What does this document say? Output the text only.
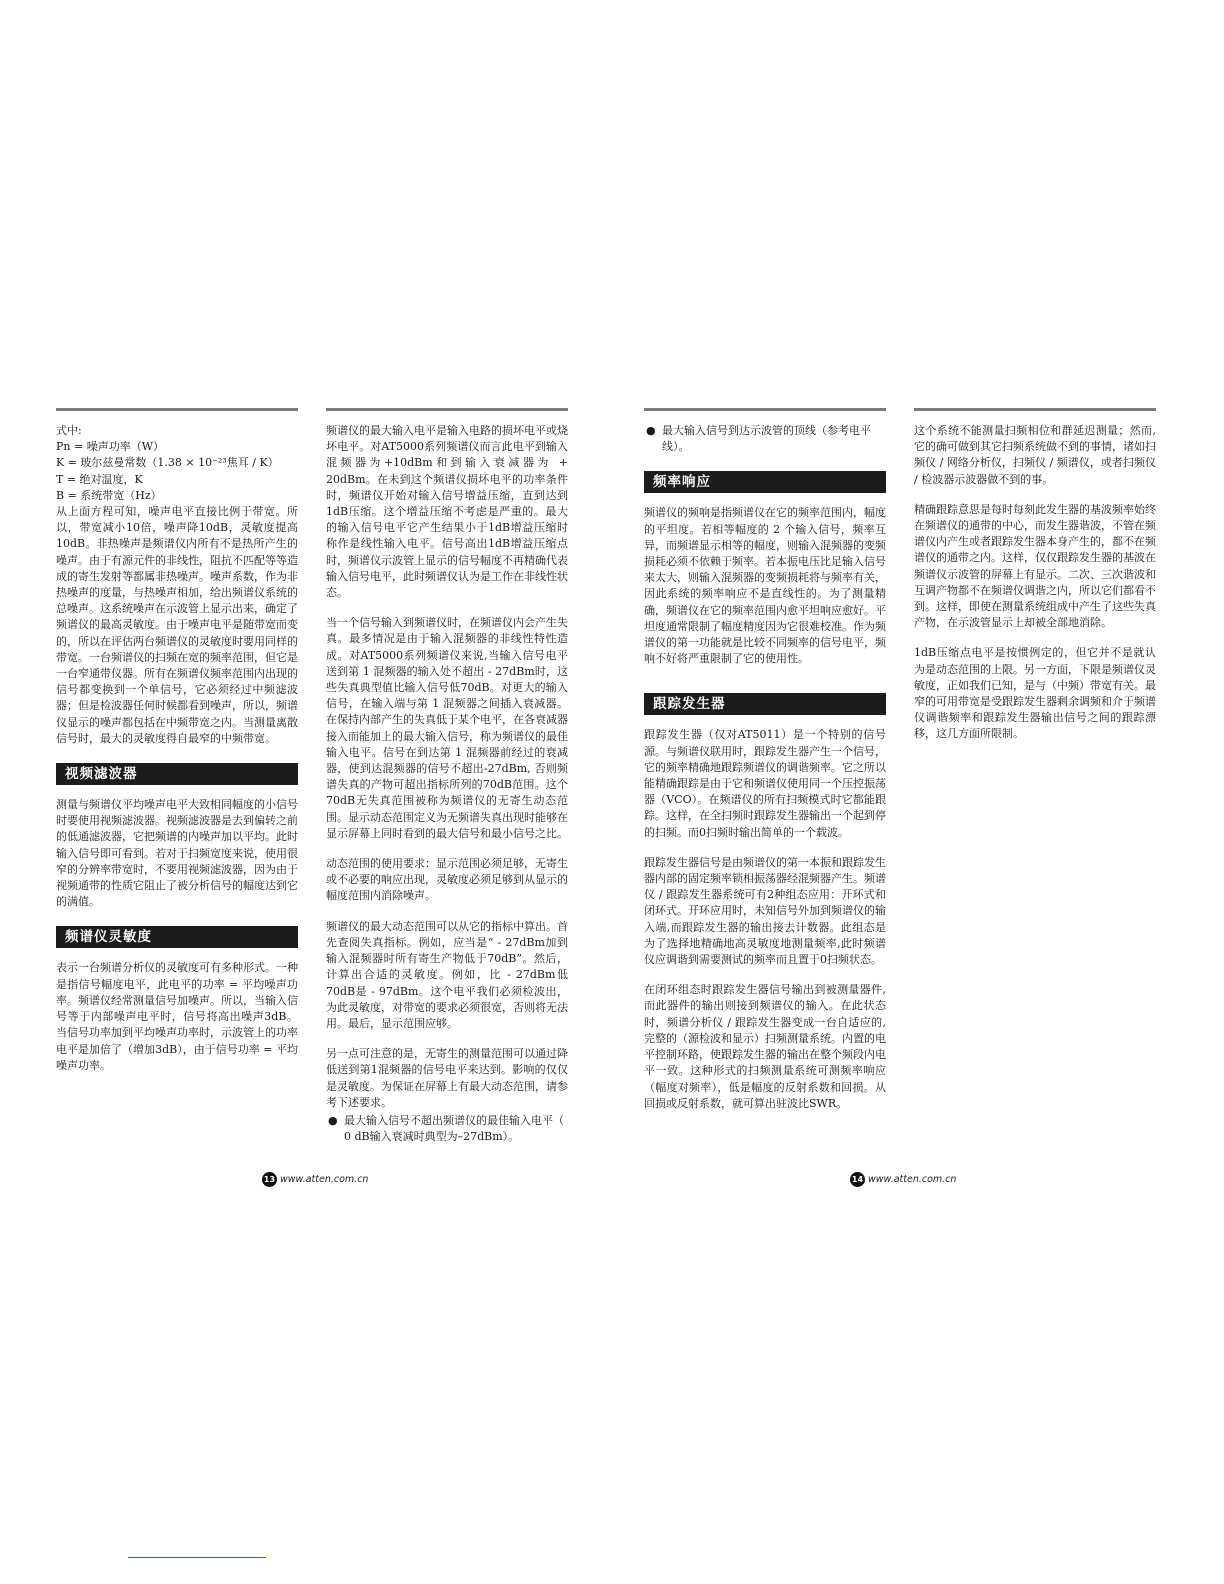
式中:

Pn = 噪声功率（W）

K = 玻尔兹曼常数（1.38 × 10⁻²³焦耳 / K）

T = 绝对温度，K

B = 系统带宽（Hz）

从上面方程可知，噪声电平直接比例于带宽。所以，带宽减小10倍，噪声降10dB，灵敏度提高10dB。非热噪声是频谱仪内所有不是热所产生的噪声。由于有源元件的非线性，阻抗不匹配等等造成的寄生发射等都属非热噪声。噪声系数，作为非热噪声的度量，与热噪声相加，给出频谱仪系统的总噪声。这系统噪声在示波管上显示出来，确定了频谱仪的最高灵敏度。由于噪声电平是随带宽而变的，所以在评估两台频谱仪的灵敏度时要用同样的带宽。一台频谱仪的扫频在宽的频率范围，但它是一台窄通带仪器。所有在频谱仪频率范围内出现的信号都变换到一个单信号，它必须经过中频滤波器；但是检波器任何时候都看到噪声，所以，频谱仪显示的噪声都包括在中频带宽之内。当测量离散信号时，最大的灵敏度得自最窄的中频带宽。

视频滤波器

测量与频谱仪平均噪声电平大致相同幅度的小信号时要使用视频滤波器。视频滤波器是去到偏转之前的低通滤波器，它把频谱的内噪声加以平均。此时输入信号即可看到。若对于扫频宽度来说，使用很窄的分辨率带宽时，不要用视频滤波器，因为由于视频通带的性质它阻止了被分析信号的幅度达到它的满值。

频谱仪灵敏度

表示一台频谱分析仪的灵敏度可有多种形式。一种是指信号幅度电平，此电平的功率 = 平均噪声功率。频谱仪经常测量信号加噪声。所以，当输入信号等于内部噪声电平时，信号将高出噪声3dB。当信号功率加到平均噪声功率时，示波管上的功率电平是加倍了（增加3dB），由于信号功率 = 平均噪声功率。

频谱仪的最大输入电平是输入电路的损坏电平或烧坏电平。对AT5000系列频谱仪而言此电平到输入混频器为+10dBm和到输入衰减器为 + 20dBm。在未到这个频谱仪损坏电平的功率条件时，频谱仪开始对输入信号增益压缩，直到达到1dB压缩。这个增益压缩不考虑是严重的。最大的输入信号电平它产生结果小于1dB增益压缩时称作是线性输入电平。信号高出1dB增益压缩点时，频谱仪示波管上显示的信号幅度不再精确代表输入信号电平，此时频谱仪认为是工作在非线性状态。

当一个信号输入到频谱仪时，在频谱仪内会产生失真。最多情况是由于输入混频器的非线性特性造成。对AT5000系列频谱仪来说,当输入信号电平送到第 1 混频器的输入处不超出 - 27dBm时，这些失真典型值比输入信号低70dB。对更大的输入信号，在输入端与第 1 混频器之间插入衰减器。在保持内部产生的失真低于某个电平，在各衰减器接入而能加上的最大输入信号，称为频谱仪的最佳输入电平。信号在到达第 1 混频器前经过的衰减器，使到达混频器的信号不超出-27dBm, 否则频谱失真的产物可超出指标所列的70dB范围。这个70dB无失真范围被称为频谱仪的无寄生动态范围。显示动态范围定义为无频谱失真出现时能够在显示屏幕上同时看到的最大信号和最小信号之比。

动态范围的使用要求：显示范围必须足够，无寄生或不必要的响应出现，灵敏度必须足够到从显示的幅度范围内消除噪声。

频谱仪的最大动态范围可以从它的指标中算出。首先查阅失真指标。例如，应当是“ - 27dBm加到输入混频器时所有寄生产物低于70dB”。然后，计算出合适的灵敏度。例如，比 - 27dBm低70dB是 - 97dBm。这个电平我们必须检波出，为此灵敏度，对带宽的要求必须很宽，否则将无法用。最后，显示范围应够。

另一点可注意的是，无寄生的测量范围可以通过降低送到第1混频器的信号电平来达到。影响的仅仅是灵敏度。为保证在屏幕上有最大动态范围，请参考下述要求。

● 最大输入信号不超出频谱仪的最佳输入电平（ 0 dB输入衰减时典型为–27dBm）。
● 最大输入信号到达示波管的顶线（参考电平线）。
频率响应

频谱仪的频响是指频谱仪在它的频率范围内，幅度的平坦度。若相等幅度的 2 个输入信号，频率互异，而频谱显示相等的幅度，则输入混频器的变频损耗必须不依赖于频率。若本振电压比足输入信号来太大，则输入混频器的变频损耗将与频率有关，因此系统的频率响应不是直线性的。为了测量精确，频谱仪在它的频率范围内愈平坦响应愈好。平坦度通常限制了幅度精度因为它很难校准。作为频谱仪的第一功能就是比较不同频率的信号电平，频响不好将严重限制了它的使用性。

跟踪发生器

跟踪发生器（仅对AT5011）是一个特别的信号源。与频谱仪联用时，跟踪发生器产生一个信号，它的频率精确地跟踪频谱仪的调谐频率。它之所以能精确跟踪是由于它和频谱仪使用同一个压控振荡器（VCO）。在频谱仪的所有扫频模式时它都能跟踪。这样，在全扫频时跟踪发生器输出一个起到停的扫频。而0扫频时输出简单的一个载波。

跟踪发生器信号是由频谱仪的第一本振和跟踪发生器内部的固定频率锁相振荡器经混频器产生。频谱仪 / 跟踪发生器系统可有2种组态应用：开环式和闭环式。开环应用时，未知信号外加到频谱仪的输入端,而跟踪发生器的输出接去计数器。此组态是为了选择地精确地高灵敏度地测量频率,此时频谱仪应调谐到需要测试的频率而且置于0扫频状态。

在闭环组态时跟踪发生器信号输出到被测量器件,而此器件的输出则接到频谱仪的输入。在此状态时，频谱分析仪 / 跟踪发生器变成一台自适应的,完整的（源检波和显示）扫频测量系统。内置的电平控制环路，使跟踪发生器的输出在整个频段内电平一致。这种形式的扫频测量系统可测频率响应（幅度对频率），低是幅度的反射系数和回损。从回损或反射系数，就可算出驻波比SWR。

这个系统不能测量扫频相位和群延迟测量；然而,它的确可做到其它扫频系统做不到的事情，诸如扫频仪 / 网络分析仪，扫频仪 / 频谱仪，或者扫频仪 / 检波器示波器做不到的事。

精确跟踪意思是每时每刻此发生器的基波频率始终在频谱仪的通带的中心，而发生器谐波，不管在频谱仪内产生或者跟踪发生器本身产生的，都不在频谱仪的通带之内。这样，仅仅跟踪发生器的基波在频谱仪示波管的屏幕上有显示。二次、三次谐波和互调产物都不在频谱仪调谐之内，所以它们都看不到。这样，即使在测量系统组成中产生了这些失真产物，在示波管显示上却被全部地消除。

1dB压缩点电平是按惯例定的，但它并不是就认为是动态范围的上限。另一方面，下限是频谱仪灵敏度，正如我们已知，是与（中频）带宽有关。最窄的可用带宽是受跟踪发生器剩余调频和介于频谱仪调谐频率和跟踪发生器输出信号之间的跟踪漂移，这几方面所限制。

13 www.atten.com.cn	14 www.atten.com.cn
